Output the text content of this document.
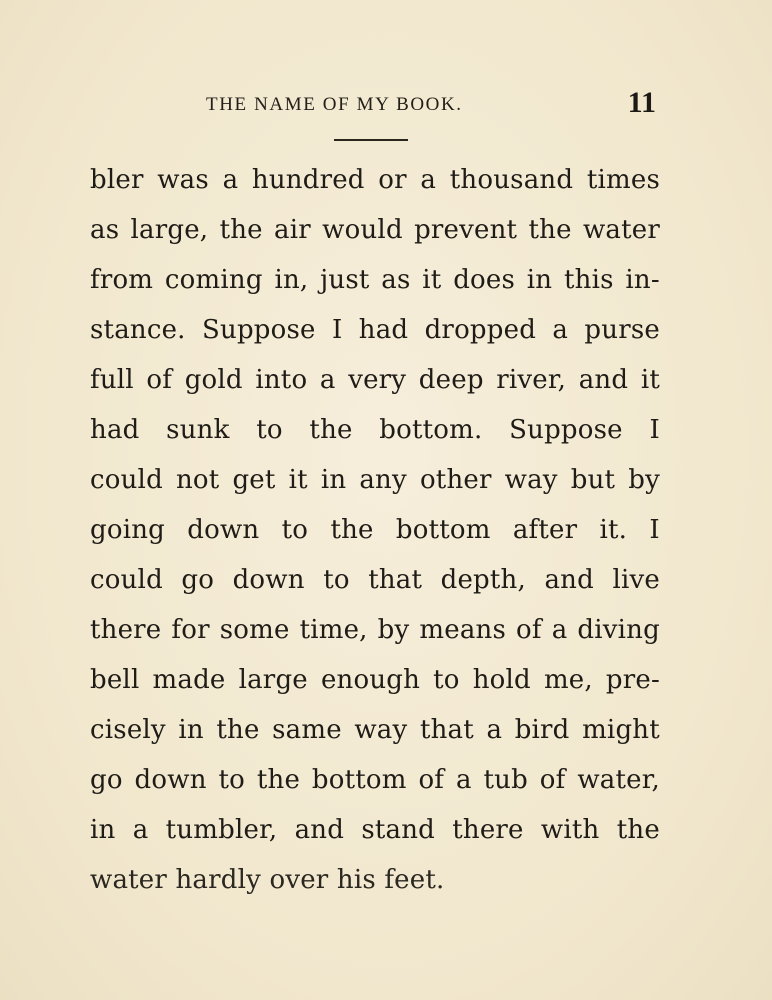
THE NAME OF MY BOOK.	11
bler was a hundred or a thousand times
as large, the air would prevent the water
from coming in, just as it does in this in-
stance. Suppose I had dropped a purse
full of gold into a very deep river, and it
had sunk to the bottom. Suppose I
could not get it in any other way but by
going down to the bottom after it. I
could go down to that depth, and live
there for some time, by means of a diving
bell made large enough to hold me, pre-
cisely in the same way that a bird might
go down to the bottom of a tub of water,
in a tumbler, and stand there with the
water hardly over his feet.
